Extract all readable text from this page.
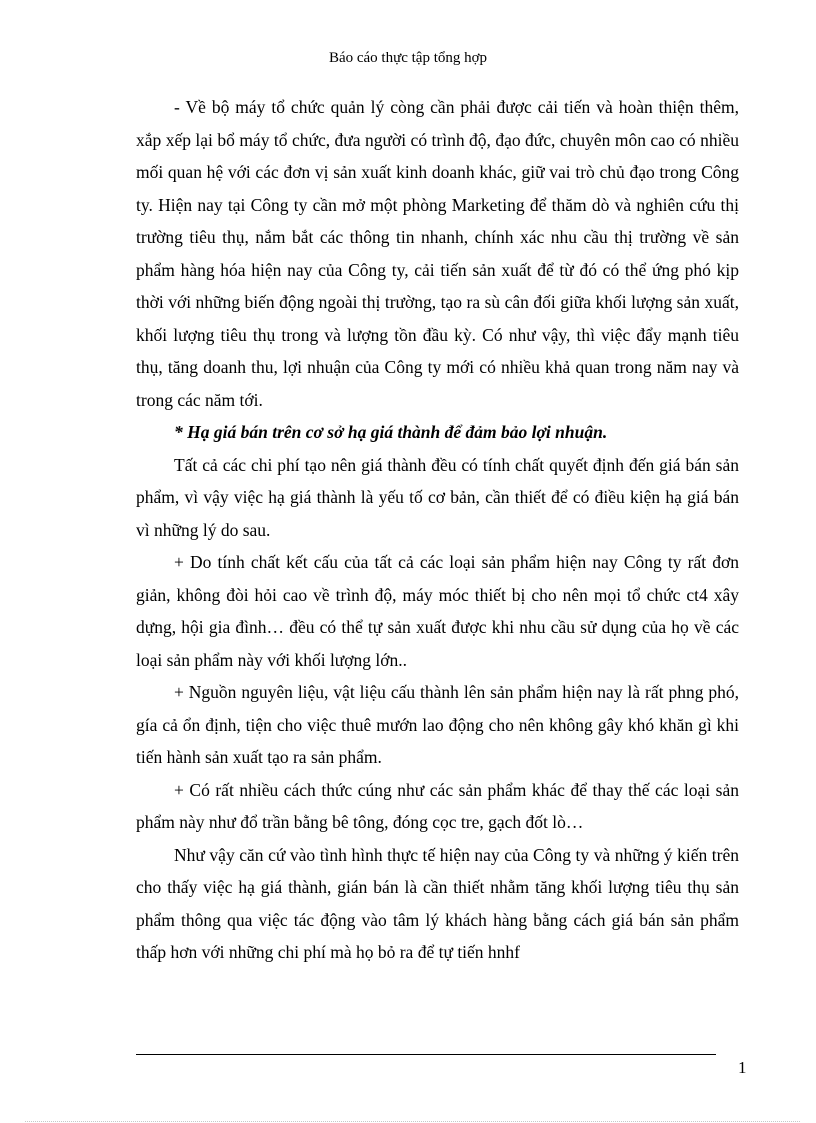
Báo cáo thực tập tổng hợp

- Về bộ máy tổ chức quản lý còng cần phải được cải tiến và hoàn thiện thêm, xắp xếp lại bổ máy tổ chức, đưa người có trình độ, đạo đức, chuyên môn cao có nhiều mối quan hệ với các đơn vị sản xuất kinh doanh khác, giữ vai trò chủ đạo trong Công ty. Hiện nay tại Công ty cần mở một phòng Marketing để thăm dò và nghiên cứu thị trường tiêu thụ, nắm bắt các thông tin nhanh, chính xác nhu cầu thị trường về sản phẩm hàng hóa hiện nay của Công ty, cải tiến sản xuất để từ đó có thể ứng phó kịp thời với những biến động ngoài thị trường, tạo ra sù cân đối giữa khối lượng sản xuất, khối lượng tiêu thụ trong và lượng tồn đầu kỳ. Có như vậy, thì việc đẩy mạnh tiêu thụ, tăng doanh thu, lợi nhuận của Công ty mới có nhiều khả quan trong năm nay và trong các năm tới.

* Hạ giá bán trên cơ sở hạ giá thành để đảm bảo lợi nhuận.

Tất cả các chi phí tạo nên giá thành đều có tính chất quyết định đến giá bán sản phẩm, vì vậy việc hạ giá thành là yếu tố cơ bản, cần thiết để có điều kiện hạ giá bán vì những lý do sau.

+ Do tính chất kết cấu của tất cả các loại sản phẩm hiện nay Công ty rất đơn giản, không đòi hỏi cao về trình độ, máy móc thiết bị cho nên mọi tổ chức ct4 xây dựng, hội gia đình… đều có thể tự sản xuất được khi nhu cầu sử dụng của họ về các loại sản phẩm này với khối lượng lớn..

+ Nguồn nguyên liệu, vật liệu cấu thành lên sản phẩm hiện nay là rất phng phó, gía cả ổn định, tiện cho việc thuê mướn lao động cho nên không gây khó khăn gì khi tiến hành sản xuất tạo ra sản phẩm.

+ Có rất nhiều cách thức cúng như các sản phẩm khác để thay thế các loại sản phẩm này như đổ trần bằng bê tông, đóng cọc tre, gạch đốt lò…

Như vậy căn cứ vào tình hình thực tế hiện nay của Công ty và những ý kiến trên cho thấy việc hạ giá thành, gián bán là cần thiết nhằm tăng khối lượng tiêu thụ sản phẩm thông qua việc tác động vào tâm lý khách hàng bằng cách giá bán sản phẩm thấp hơn với những chi phí mà họ bỏ ra để tự tiến hnhf

1
